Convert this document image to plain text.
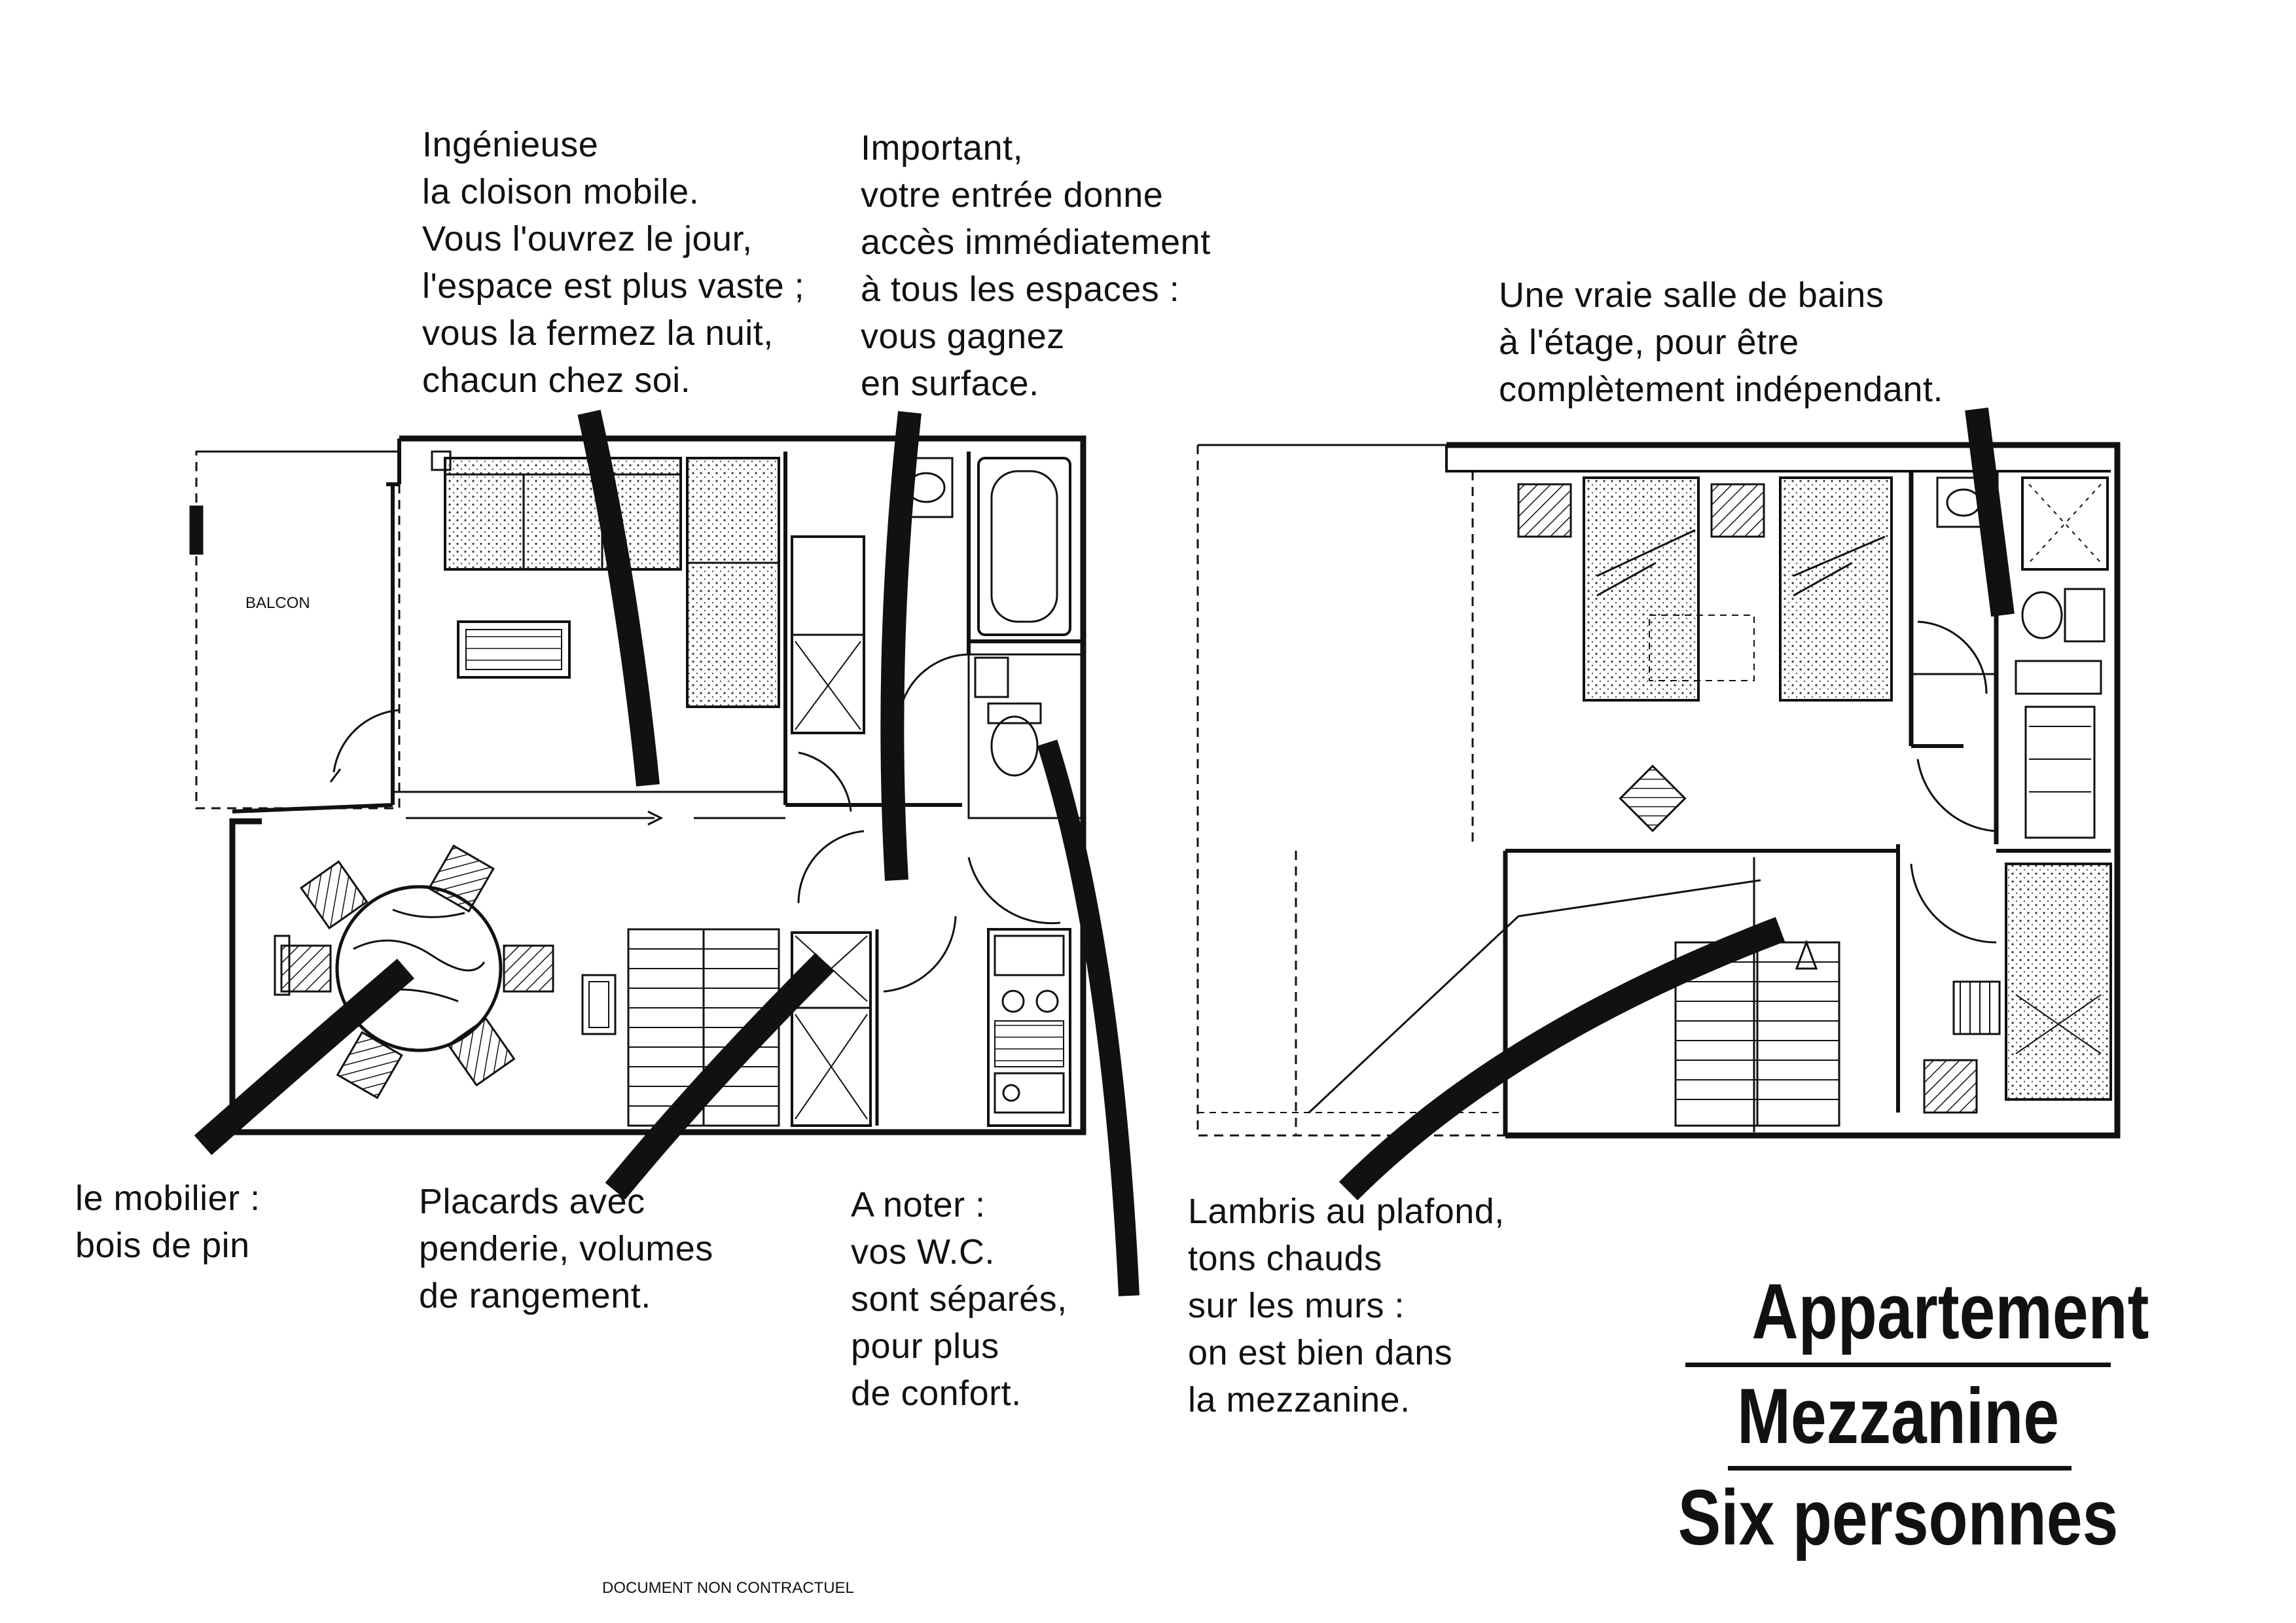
Ingénieuse
la cloison mobile.
Vous l'ouvrez le jour,
l'espace est plus vaste ;
vous la fermez la nuit,
chacun chez soi.
Important,
votre entrée donne
accès immédiatement
à tous les espaces :
vous gagnez
en surface.
Une vraie salle de bains
à l'étage, pour être
complètement indépendant.
le mobilier :
bois de pin
Placards avec
penderie, volumes
de rangement.
A noter :
vos W.C.
sont séparés,
pour plus
de confort.
Lambris au plafond,
tons chauds
sur les murs :
on est bien dans
la mezzanine.
BALCON
DOCUMENT NON CONTRACTUEL
Appartement
Mezzanine
Six personnes
